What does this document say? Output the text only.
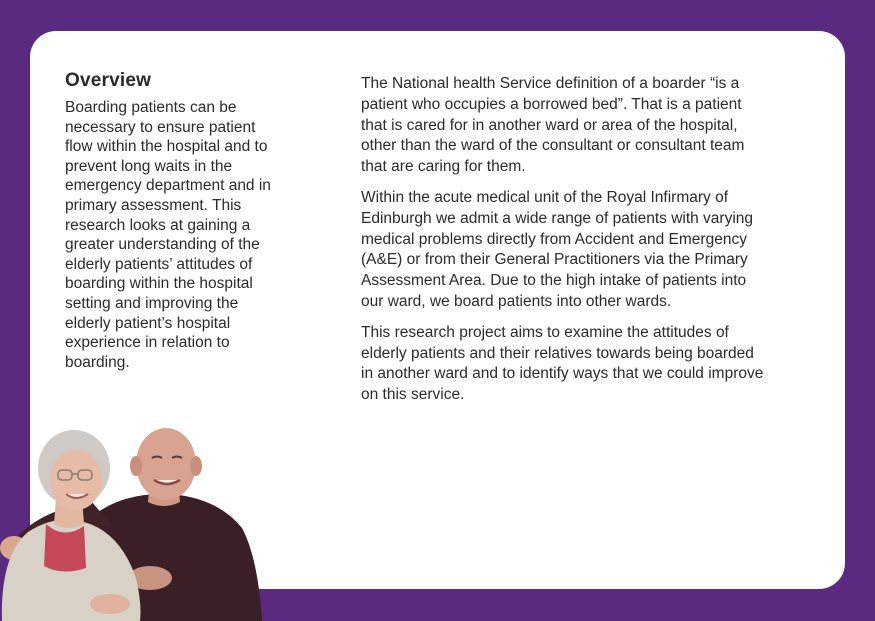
Overview

Boarding patients can be necessary to ensure patient flow within the hospital and to prevent long waits in the emergency department and in primary assessment. This research looks at gaining a greater understanding of the elderly patients’ attitudes of boarding within the hospital setting and improving the elderly patient’s hospital experience in relation to boarding.

The National health Service definition of a boarder “is a patient who occupies a borrowed bed”. That is a patient that is cared for in another ward or area of the hospital, other than the ward of the consultant or consultant team that are caring for them.

Within the acute medical unit of the Royal Infirmary of Edinburgh we admit a wide range of patients with varying medical problems directly from Accident and Emergency (A&E) or from their General Practitioners via the Primary Assessment Area. Due to the high intake of patients into our ward, we board patients into other wards.

This research project aims to examine the attitudes of elderly patients and their relatives towards being boarded in another ward and to identify ways that we could improve on this service.
